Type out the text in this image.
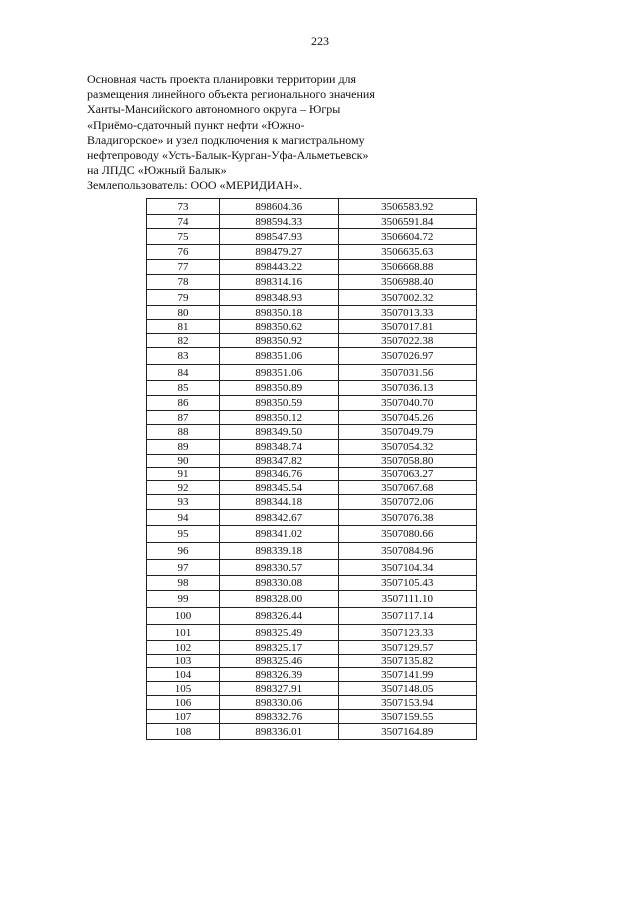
223
Основная часть проекта планировки территории для
размещения линейного объекта регионального значения
Ханты-Мансийского автономного округа – Югры
«Приёмо-сдаточный пункт нефти «Южно-
Владигорское» и узел подключения к магистральному
нефтепроводу «Усть-Балык-Курган-Уфа-Альметьевск»
на ЛПДС «Южный Балык»
Землепользователь: ООО «МЕРИДИАН».
73	898604.36	3506583.92
74	898594.33	3506591.84
75	898547.93	3506604.72
76	898479.27	3506635.63
77	898443.22	3506668.88
78	898314.16	3506988.40
79	898348.93	3507002.32
80	898350.18	3507013.33
81	898350.62	3507017.81
82	898350.92	3507022.38
83	898351.06	3507026.97
84	898351.06	3507031.56
85	898350.89	3507036.13
86	898350.59	3507040.70
87	898350.12	3507045.26
88	898349.50	3507049.79
89	898348.74	3507054.32
90	898347.82	3507058.80
91	898346.76	3507063.27
92	898345.54	3507067.68
93	898344.18	3507072.06
94	898342.67	3507076.38
95	898341.02	3507080.66
96	898339.18	3507084.96
97	898330.57	3507104.34
98	898330.08	3507105.43
99	898328.00	3507111.10
100	898326.44	3507117.14
101	898325.49	3507123.33
102	898325.17	3507129.57
103	898325.46	3507135.82
104	898326.39	3507141.99
105	898327.91	3507148.05
106	898330.06	3507153.94
107	898332.76	3507159.55
108	898336.01	3507164.89
